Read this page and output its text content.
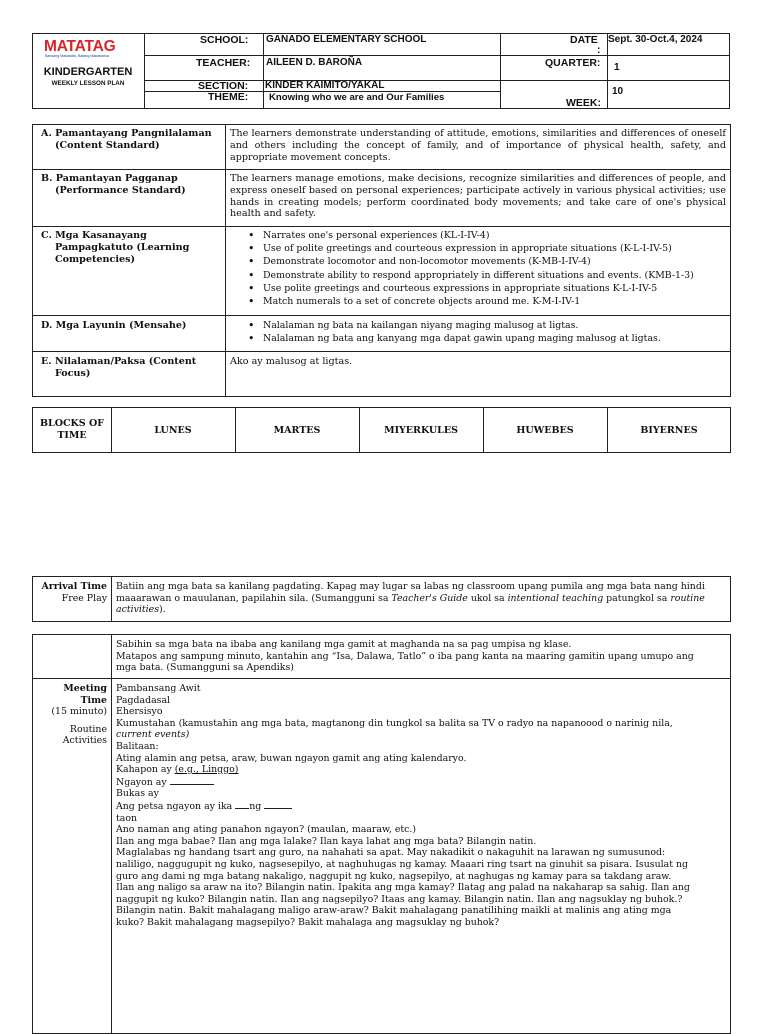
MATATAG
Bansang Makabata, Batang Makabansa
KINDERGARTEN
WEEKLY LESSON PLAN
SCHOOL: GANADO ELEMENTARY SCHOOL
TEACHER: AILEEN D. BAROÑA
SECTION: KINDER KAIMITO/YAKAL
THEME: Knowing who we are and Our Families
DATE
:
Sept. 30-Oct.4, 2024
QUARTER: 1
WEEK:
10
A. Pamantayang Pangnilalaman
(Content Standard)
The learners demonstrate understanding of attitude, emotions, similarities and differences of oneself and others including the concept of family, and of importance of physical health, safety, and appropriate movement concepts.
B. Pamantayan Pagganap
(Performance Standard)
The learners manage emotions, make decisions, recognize similarities and differences of people, and express oneself based on personal experiences; participate actively in various physical activities; use hands in creating models; perform coordinated body movements; and take care of one's physical health and safety.
C. Mga Kasanayang
Pampagkatuto (Learning
Competencies)
• Narrates one's personal experiences (KL-I-IV-4)
• Use of polite greetings and courteous expression in appropriate situations (K-L-I-IV-5)
• Demonstrate locomotor and non-locomotor movements (K-MB-I-IV-4)
• Demonstrate ability to respond appropriately in different situations and events. (KMB-1-3)
• Use polite greetings and courteous expressions in appropriate situations K-L-I-IV-5
• Match numerals to a set of concrete objects around me. K-M-I-IV-1
D. Mga Layunin (Mensahe)
•	Nalalaman ng bata na kailangan niyang maging malusog at ligtas.
• Nalalaman ng bata ang kanyang mga dapat gawin upang maging malusog at ligtas.
E. Nilalaman/Paksa (Content
Focus)
Ako ay malusog at ligtas.
BLOCKS OF TIME	LUNES	MARTES	MIYERKULES	HUWEBES	BIYERNES
Arrival Time
Free Play
Batiin ang mga bata sa kanilang pagdating. Kapag may lugar sa labas ng classroom upang pumila ang mga bata nang hindi
maaarawan o mauulanan, papilahin sila. (Sumangguni sa Teacher's Guide ukol sa intentional teaching patungkol sa routine
activities).
Sabihin sa mga bata na ibaba ang kanilang mga gamit at maghanda na sa pag umpisa ng klase.
Matapos ang sampung minuto, kantahin ang “Isa, Dalawa, Tatlo” o iba pang kanta na maaring gamitin upang umupo ang
mga bata. (Sumangguni sa Apendiks)
Meeting
Time
(15 minuto)
Routine
Activities
Pambansang Awit
Pagdadasal
Ehersisyo
Kumustahan (kamustahin ang mga bata, magtanong din tungkol sa balita sa TV o radyo na napanoood o narinig nila,
current events)
Balitaan:
Ating alamin ang petsa, araw, buwan ngayon gamit ang ating kalendaryo.
Kahapon ay (e.g., Linggo)
Ngayon ay
Bukas ay
Ang petsa ngayon ay ika ng
taon
Ano naman ang ating panahon ngayon? (maulan, maaraw, etc.)
Ilan ang mga babae? Ilan ang mga lalake? Ilan kaya lahat ang mga bata? Bilangin natin.
Maglalabas ng handang tsart ang guro, na nahahati sa apat. May nakadikit o nakaguhit na larawan ng sumusunod:
naliligo, naggugupit ng kuko, nagsesepilyo, at naghuhugas ng kamay. Maaari ring tsart na ginuhit sa pisara. Isusulat ng
guro ang dami ng mga batang nakaligo, naggupit ng kuko, nagsepilyo, at naghugas ng kamay para sa takdang araw.
Ilan ang naligo sa araw na ito? Bilangin natin. Ipakita ang mga kamay? Ilatag ang palad na nakaharap sa sahig. Ilan ang
naggupit ng kuko? Bilangin natin. Ilan ang nagsepilyo? Itaas ang kamay. Bilangin natin. Ilan ang nagsuklay ng buhok.?
Bilangin natin. Bakit mahalagang maligo araw-araw? Bakit mahalagang panatilihing maikli at malinis ang ating mga
kuko? Bakit mahalagang magsepilyo? Bakit mahalaga ang magsuklay ng buhok?
